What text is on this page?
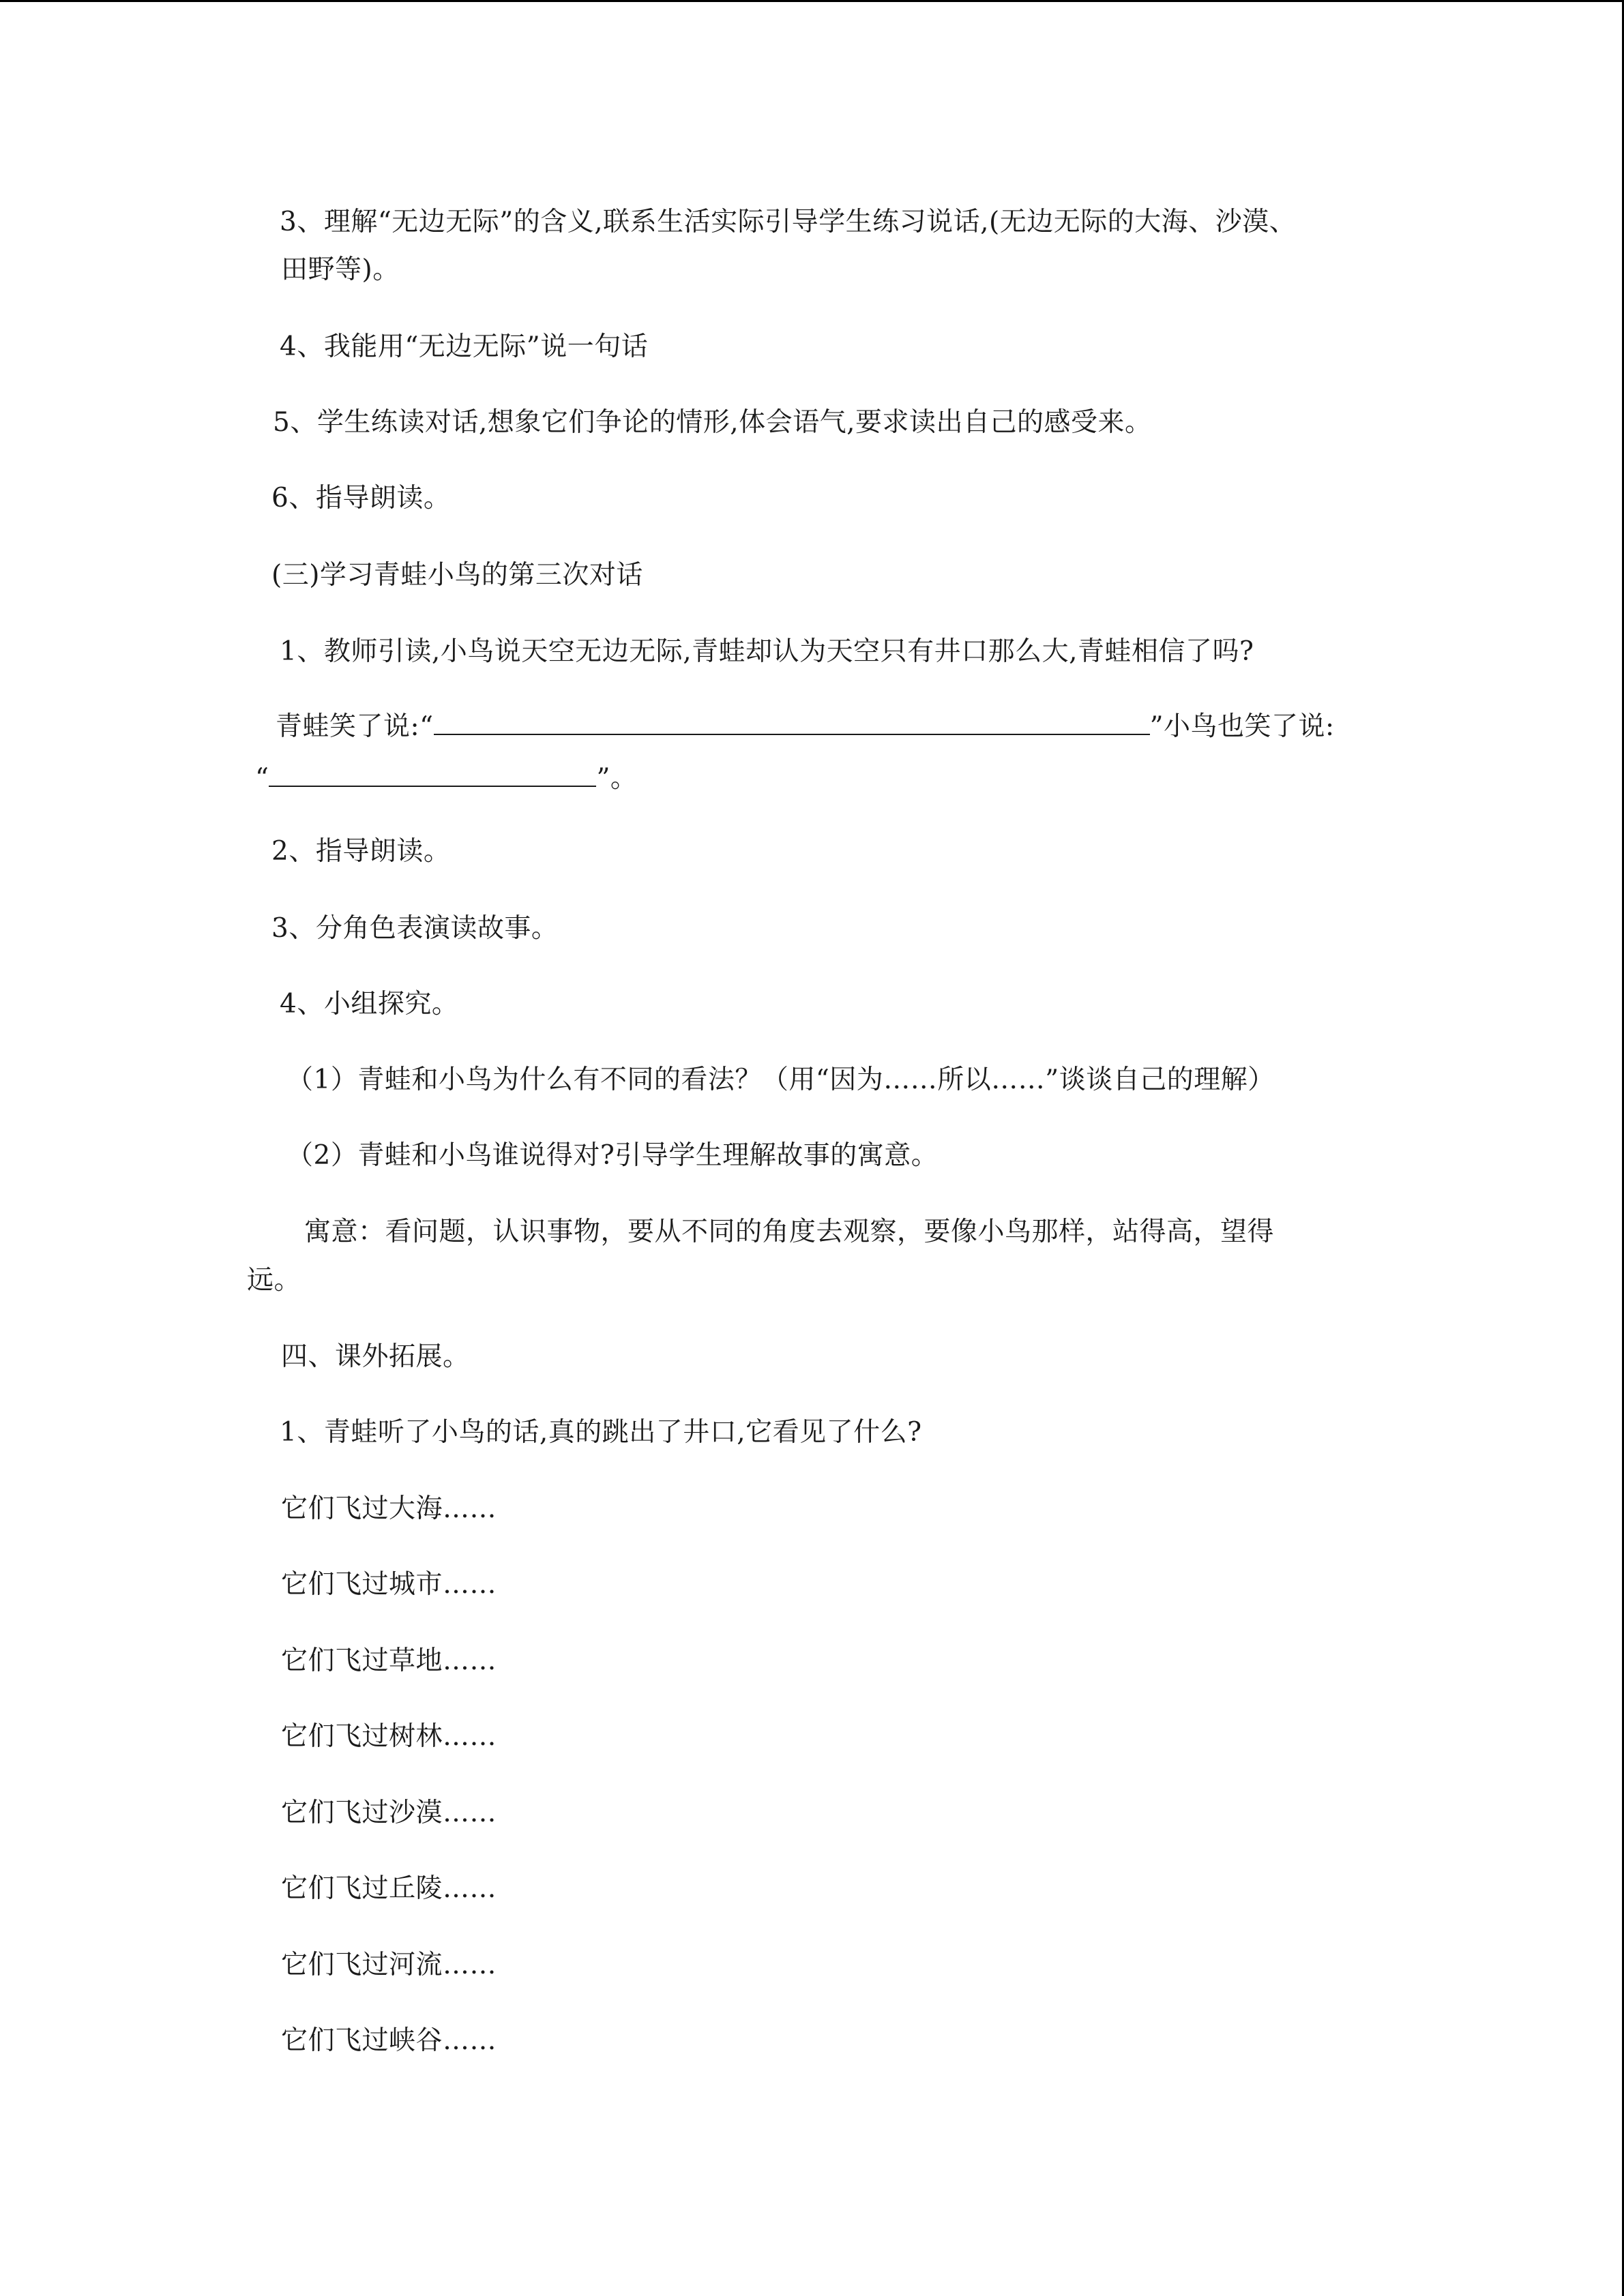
3、理解“无边无际”的含义,联系生活实际引导学生练习说话,(无边无际的大海、沙漠、
田野等)。
4、我能用“无边无际”说一句话
5、学生练读对话,想象它们争论的情形,体会语气,要求读出自己的感受来。
6、指导朗读。
(三)学习青蛙小鸟的第三次对话
1、教师引读,小鸟说天空无边无际,青蛙却认为天空只有井口那么大,青蛙相信了吗?
青蛙笑了说:“	”小鸟也笑了说:
“	”。
2、指导朗读。
3、分角色表演读故事。
4、小组探究。
（1）青蛙和小鸟为什么有不同的看法？（用“因为……所以……”谈谈自己的理解）
（2）青蛙和小鸟谁说得对?引导学生理解故事的寓意。
寓意：看问题，认识事物，要从不同的角度去观察，要像小鸟那样，站得高，望得
远。
四、课外拓展。
1、青蛙听了小鸟的话,真的跳出了井口,它看见了什么?
它们飞过大海……
它们飞过城市……
它们飞过草地……
它们飞过树林……
它们飞过沙漠……
它们飞过丘陵……
它们飞过河流……
它们飞过峡谷……
